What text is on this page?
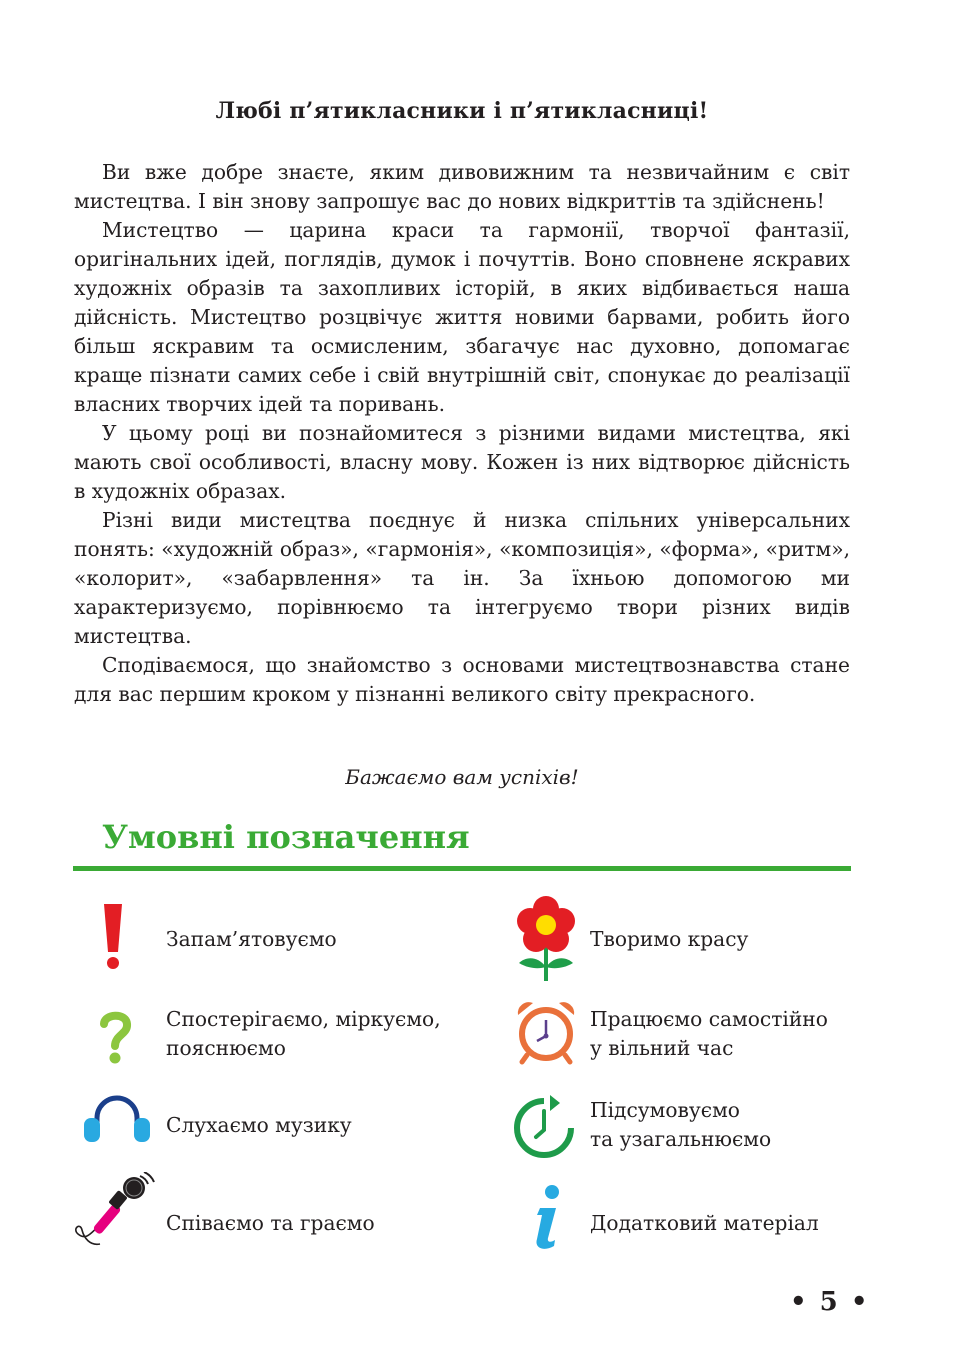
Любі п’ятикласники і п’ятикласниці!

Ви вже добре знаєте, яким дивовижним та незвичайним є світ мистецтва. І він знову запрошує вас до нових відкриттів та здійснень!

Мистецтво — царина краси та гармонії, творчої фантазії, оригінальних ідей, поглядів, думок і почуттів. Воно сповнене яскравих художніх образів та захопливих історій, в яких відбивається наша дійсність. Мистецтво розцвічує життя новими барвами, робить його більш яскравим та осмисленим, збагачує нас духовно, допомагає краще пізнати самих себе і свій внутрішній світ, спонукає до реалізації власних творчих ідей та поривань.

У цьому році ви познайомитеся з різними видами мистецтва, які мають свої особливості, власну мову. Кожен із них відтворює дійсність в художніх образах.

Різні види мистецтва поєднує й низка спільних універсальних понять: «художній образ», «гармонія», «композиція», «форма», «ритм», «колорит», «забарвлення» та ін. За їхньою допомогою ми характеризуємо, порівнюємо та інтегруємо твори різних видів мистецтва.

Сподіваємося, що знайомство з основами мистецтвознавства стане для вас першим кроком у пізнанні великого світу прекрасного.

Бажаємо вам успіхів!
Умовні позначення
Запам’ятовуємо	Творимо красу
Спостерігаємо, міркуємо,
пояснюємо
Працюємо самостійно
у вільний час
Слухаємо музику
Підсумовуємо
та узагальнюємо
Співаємо та граємо	Додатковий матеріал
• 5 •
